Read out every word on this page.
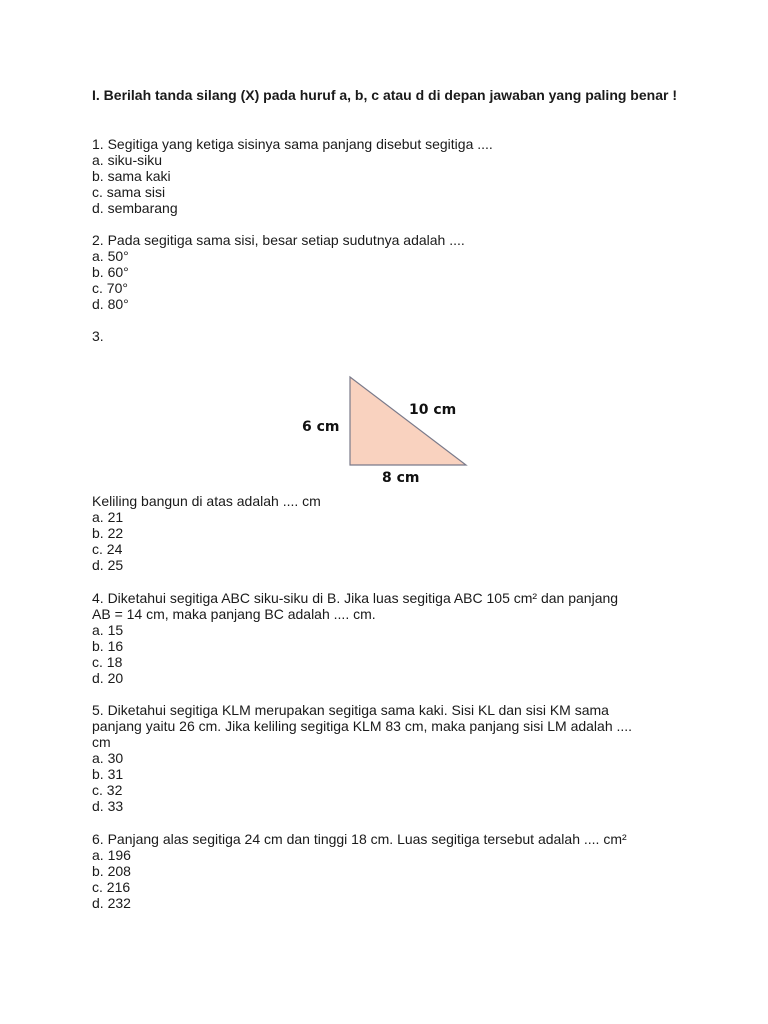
I. Berilah tanda silang (X) pada huruf a, b, c atau d di depan jawaban yang paling benar !
1. Segitiga yang ketiga sisinya sama panjang disebut segitiga ....
a. siku-siku
b. sama kaki
c. sama sisi
d. sembarang
2. Pada segitiga sama sisi, besar setiap sudutnya adalah ....
a. 50°
b. 60°
c. 70°
d. 80°
3.
6 cm
10 cm
8 cm
Keliling bangun di atas adalah .... cm
a. 21
b. 22
c. 24
d. 25
4. Diketahui segitiga ABC siku-siku di B. Jika luas segitiga ABC 105 cm² dan panjang
AB = 14 cm, maka panjang BC adalah .... cm.
a. 15
b. 16
c. 18
d. 20
5. Diketahui segitiga KLM merupakan segitiga sama kaki. Sisi KL dan sisi KM sama
panjang yaitu 26 cm. Jika keliling segitiga KLM 83 cm, maka panjang sisi LM adalah ....
cm
a. 30
b. 31
c. 32
d. 33
6. Panjang alas segitiga 24 cm dan tinggi 18 cm. Luas segitiga tersebut adalah .... cm²
a. 196
b. 208
c. 216
d. 232
